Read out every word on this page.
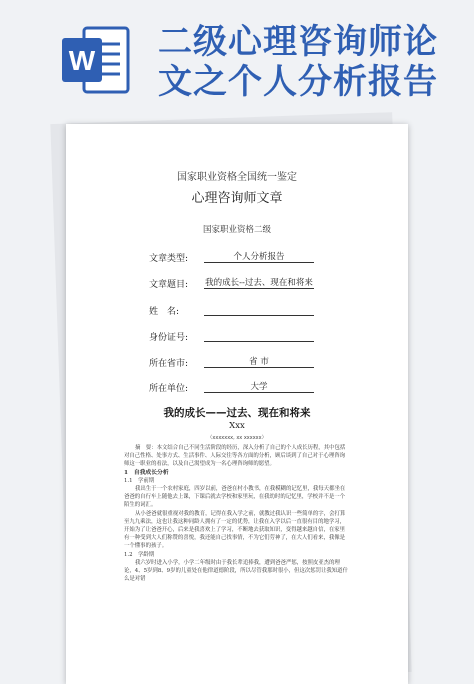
W 二级心理咨询师论
文之个人分析报告
国家职业资格全国统一鉴定
心理咨询师文章
国家职业资格二级
文章类型:	个人分析报告
文章题目: 我的成长--过去、现在和将来
姓　名:
身份证号:
所在省市:	省 市
所在单位:	大学
我的成长——过去、现在和将来
Xxx
（xxxxxxx, xx xxxxxx）

摘　要：本文结合自己不同生活阶段的经历，深入分析了自己的个人成长历程，其中包括对自己性格、处事方式、生活事件、人际交往等各方面的分析，顾后谈到了自己对于心理咨询师这一职业的看法，以及自己渴望成为一名心理咨询师的愿望。

1　自我成长分析

1.1　学前期

我出生于一个农村家庭，四岁以前，爸爸在村小教书，在我模糊的记忆里，我每天都坐在爸爸的自行车上随他去上课，下课后就去学校和家里玩，在我幼时的记忆里，学校并不是一个陌生的词汇。

从小爸爸就很重视对我的教育，记得在我入学之前，就教过我认识一些简单的字，会打算至九九乘法，这也让我这种同龄人拥有了一定的优势，让我在入学以后一直很有目的地学习，开始为了让爸爸开心，后来是我喜欢上了学习，不断地去获取知识，变得越来越自信，在家里有一种受到大人们称赞的喜悦，我还能自己找事情，不为它们劳神了，在大人们看来，我像是一个懂事的孩子。

1.2　学龄期

我六岁时进入小学，小学二年级时由于我长辈追捧我，遭到爸爸严惩，按照皮亚杰的理论，4、5岁到8、9岁的儿童处在他律道德阶段，所以尽管我那时很小，但这次惩罚让我知道什么是对错
